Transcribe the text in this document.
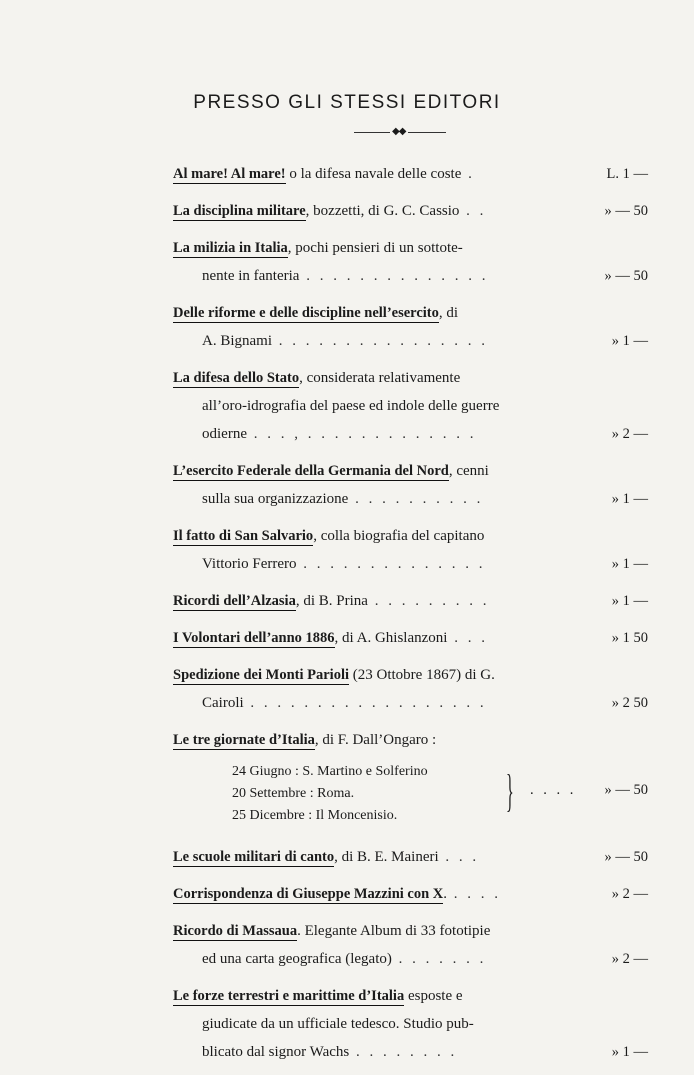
PRESSO GLI STESSI EDITORI
◆◆
Al mare! Al mare! o la difesa navale delle coste .	L. 1 —
La disciplina militare, bozzetti, di G. C. Cassio . .	» — 50
La milizia in Italia, pochi pensieri di un sottote-
nente in fanteria . . . . . . . . . . . . . .	» — 50
Delle riforme e delle discipline nell’esercito, di
A. Bignami . . . . . . . . . . . . . . . .	» 1 —
La difesa dello Stato, considerata relativamente
all’oro-idrografia del paese ed indole delle guerre
odierne . . . , . . . . . . . . . . . . .	» 2 —
L’esercito Federale della Germania del Nord, cenni
sulla sua organizzazione . . . . . . . . . .	» 1 —
Il fatto di San Salvario, colla biografia del capitano
Vittorio Ferrero . . . . . . . . . . . . . .	» 1 —
Ricordi dell’Alzasia, di B. Prina . . . . . . . . .	» 1 —
I Volontari dell’anno 1886, di A. Ghislanzoni . . .	» 1 50
Spedizione dei Monti Parioli (23 Ottobre 1867) di G.
Cairoli . . . . . . . . . . . . . . . . . .	» 2 50
Le tre giornate d’Italia, di F. Dall’Ongaro :
24 Giugno : S. Martino e Solferino
20 Settembre : Roma.
25 Dicembre : Il Moncenisio. } . . . . » — 50
Le scuole militari di canto, di B. E. Maineri . . .	» — 50
Corrispondenza di Giuseppe Mazzini con X. . . . .	» 2 —
Ricordo di Massaua. Elegante Album di 33 fototipie
ed una carta geografica (legato) . . . . . . .	» 2 —
Le forze terrestri e marittime d’Italia esposte e
giudicate da un ufficiale tedesco. Studio pub-
blicato dal signor Wachs . . . . . . . .	» 1 —
